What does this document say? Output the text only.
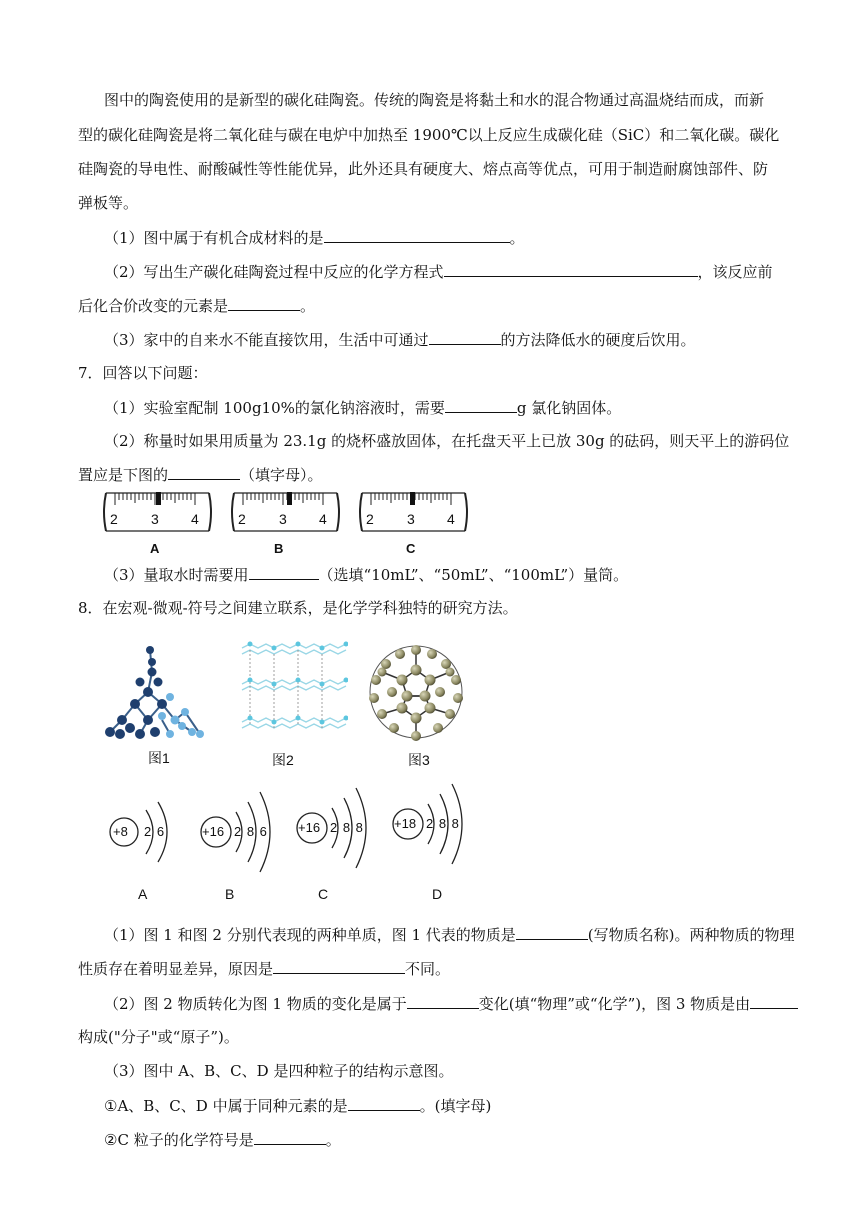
图中的陶瓷使用的是新型的碳化硅陶瓷。传统的陶瓷是将黏土和水的混合物通过高温烧结而成，而新
型的碳化硅陶瓷是将二氧化硅与碳在电炉中加热至 1900℃以上反应生成碳化硅（SiC）和二氧化碳。碳化
硅陶瓷的导电性、耐酸碱性等性能优异，此外还具有硬度大、熔点高等优点，可用于制造耐腐蚀部件、防
弹板等。
（1）图中属于有机合成材料的是	。
（2）写出生产碳化硅陶瓷过程中反应的化学方程式	，该反应前
后化合价改变的元素是	。
（3）家中的自来水不能直接饮用，生活中可通过	的方法降低水的硬度后饮用。
7．回答以下问题：
（1）实验室配制 100g10%的氯化钠溶液时，需要	g 氯化钠固体。
（2）称量时如果用质量为 23.1g 的烧杯盛放固体，在托盘天平上已放 30g 的砝码，则天平上的游码位
置应是下图的	（填字母）。
2 3 4
A
2 3 4
B
2 3 4
C
（3）量取水时需要用	（选填“10mL”、“50mL”、“100mL”）量筒。
8．在宏观-微观-符号之间建立联系，是化学学科独特的研究方法。
图1	图2	图3
+8 2 6
A
+16 2 8 6
B
+16 2 8 8
C
+18 2 8 8
D
（1）图 1 和图 2 分别代表现的两种单质，图 1 代表的物质是	(写物质名称)。两种物质的物理
性质存在着明显差异，原因是	不同。
（2）图 2 物质转化为图 1 物质的变化是属于	变化(填“物理”或“化学”)，图 3 物质是由
构成("分子"或“原子”)。
（3）图中 A、B、C、D 是四种粒子的结构示意图。
①A、B、C、D 中属于同种元素的是	。(填字母)
②C 粒子的化学符号是	。
